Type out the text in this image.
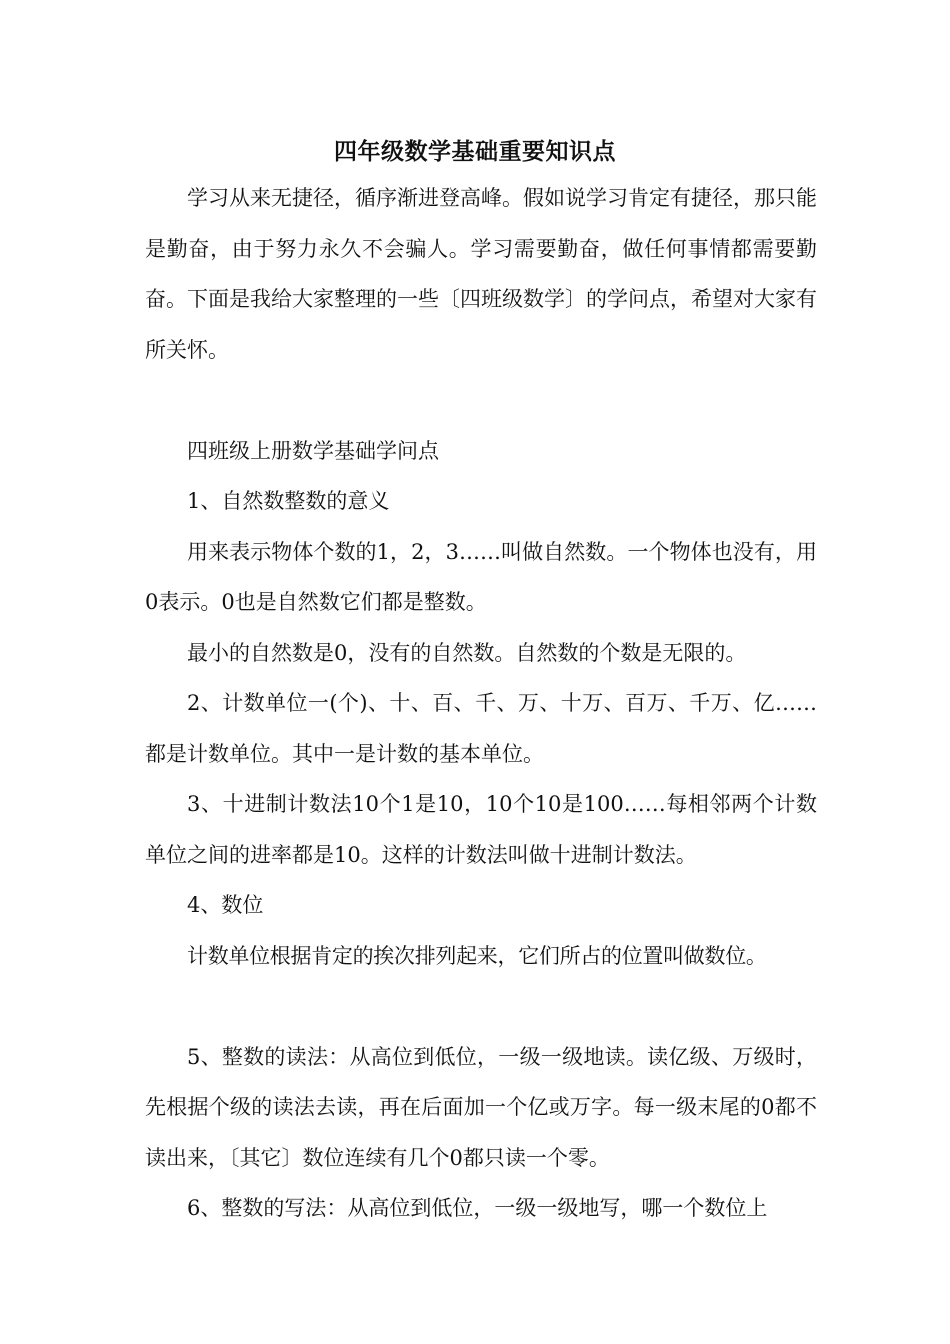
四年级数学基础重要知识点

学习从来无捷径，循序渐进登高峰。假如说学习肯定有捷径，那只能是勤奋，由于努力永久不会骗人。学习需要勤奋，做任何事情都需要勤奋。下面是我给大家整理的一些〔四班级数学〕的学问点，希望对大家有所关怀。

四班级上册数学基础学问点

1、自然数整数的意义

用来表示物体个数的1，2，3……叫做自然数。一个物体也没有，用0表示。0也是自然数它们都是整数。

最小的自然数是0，没有的自然数。自然数的个数是无限的。

2、计数单位一(个)、十、百、千、万、十万、百万、千万、亿……都是计数单位。其中一是计数的基本单位。

3、十进制计数法10个1是10，10个10是100……每相邻两个计数单位之间的进率都是10。这样的计数法叫做十进制计数法。

4、数位

计数单位根据肯定的挨次排列起来，它们所占的位置叫做数位。

5、整数的读法：从高位到低位，一级一级地读。读亿级、万级时，先根据个级的读法去读，再在后面加一个亿或万字。每一级末尾的0都不读出来，〔其它〕数位连续有几个0都只读一个零。

6、整数的写法：从高位到低位，一级一级地写，哪一个数位上
